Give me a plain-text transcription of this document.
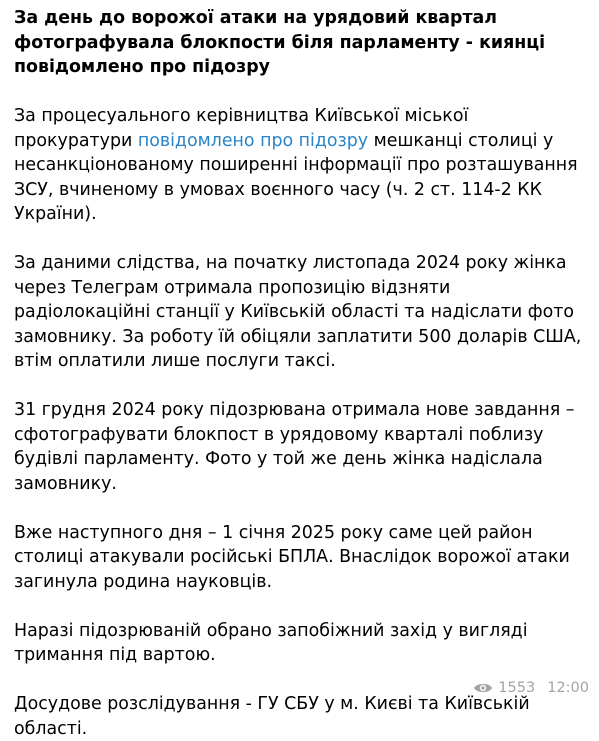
За день до ворожої атаки на урядовий квартал фотографувала блокпости біля парламенту - киянці повідомлено про підозру

За процесуального керівництва Київської міської прокуратури повідомлено про підозру мешканці столиці у несанкціонованому поширенні інформації про розташування ЗСУ, вчиненому в умовах воєнного часу (ч. 2 ст. 114-2 КК України).

За даними слідства, на початку листопада 2024 року жінка через Телеграм отримала пропозицію відзняти радіолокаційні станції у Київській області та надіслати фото замовнику. За роботу їй обіцяли заплатити 500 доларів США, втім оплатили лише послуги таксі.

31 грудня 2024 року підозрювана отримала нове завдання – сфотографувати блокпост в урядовому кварталі поблизу будівлі парламенту. Фото у той же день жінка надіслала замовнику.

Вже наступного дня – 1 січня 2025 року саме цей район столиці атакували російські БПЛА. Внаслідок ворожої атаки загинула родина науковців.

Наразі підозрюваній обрано запобіжний захід у вигляді тримання під вартою.

Досудове розслідування - ГУ СБУ у м. Києві та Київській області.

1553 12:00
